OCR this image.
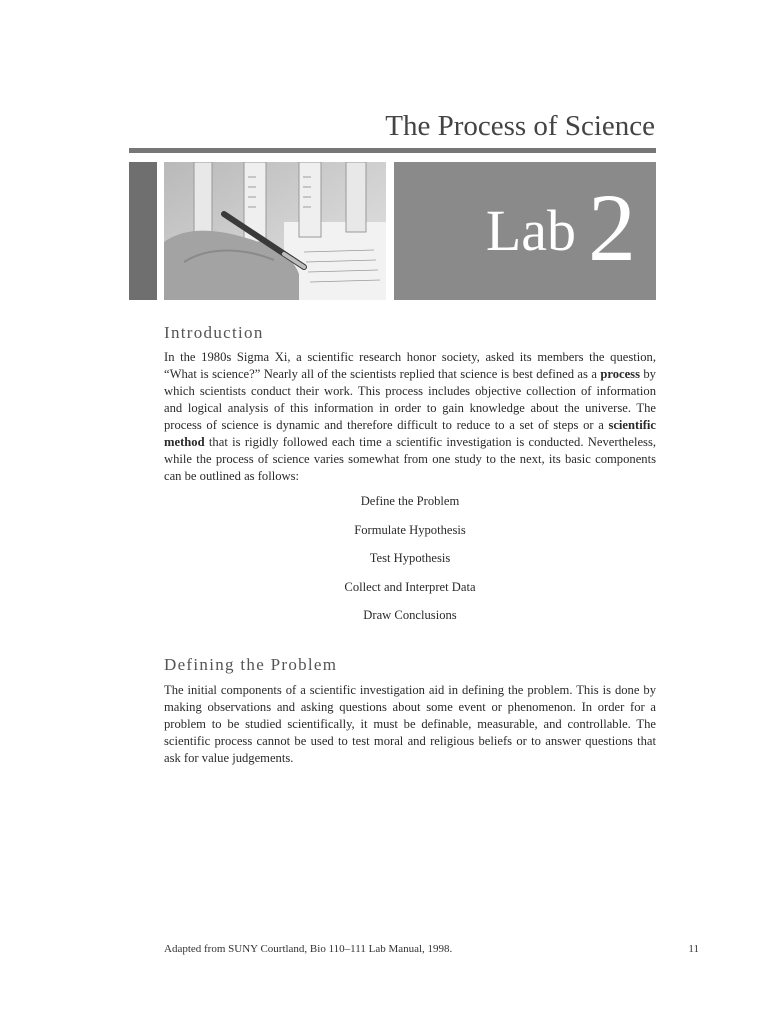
The Process of Science
Lab 2
Introduction

In the 1980s Sigma Xi, a scientific research honor society, asked its members the question, “What is science?” Nearly all of the scientists replied that science is best defined as a process by which scientists conduct their work. This process includes objective collection of information and logical analysis of this information in order to gain knowledge about the universe. The process of science is dynamic and therefore difficult to reduce to a set of steps or a scientific method that is rigidly followed each time a scientific investigation is conducted. Nevertheless, while the process of science varies somewhat from one study to the next, its basic components can be outlined as follows:

Define the Problem
Formulate Hypothesis
Test Hypothesis
Collect and Interpret Data
Draw Conclusions
Defining the Problem

The initial components of a scientific investigation aid in defining the problem. This is done by making observations and asking questions about some event or phenomenon. In order for a problem to be studied scientifically, it must be definable, measurable, and controllable. The scientific process cannot be used to test moral and religious beliefs or to answer questions that ask for value judgements.

Adapted from SUNY Courtland, Bio 110–111 Lab Manual, 1998.	11
